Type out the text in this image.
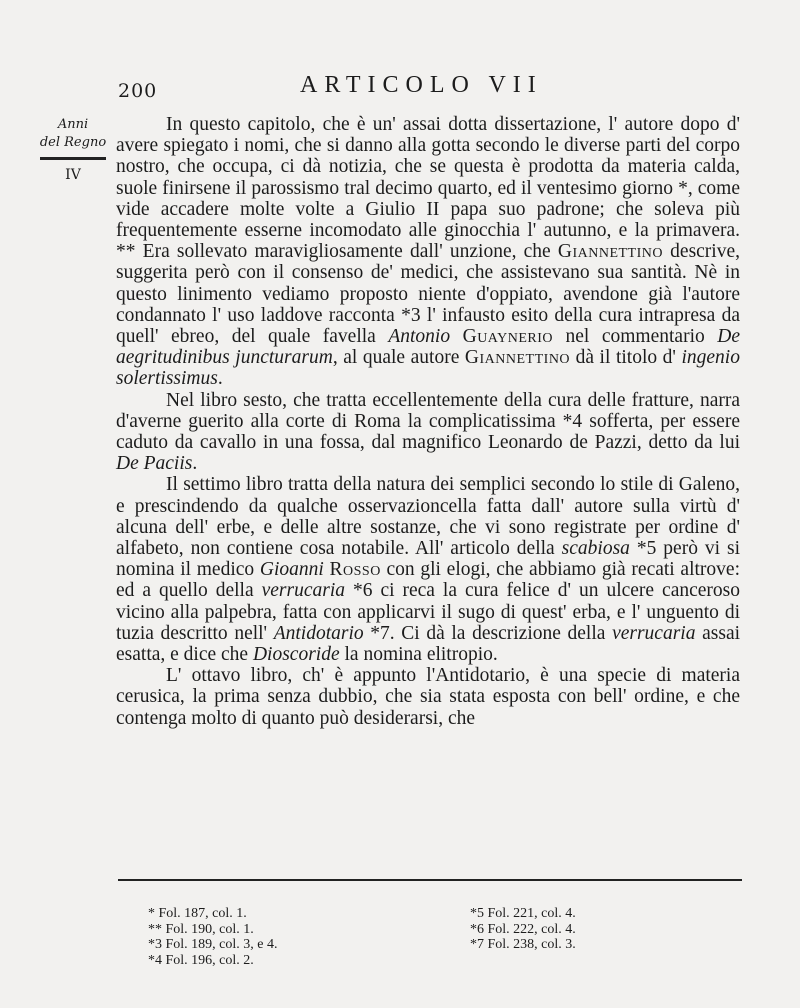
200	ARTICOLO VII
Anni
del Regno
IV

In questo capitolo, che è un' assai dotta dissertazione, l' autore dopo d' avere spiegato i nomi, che si danno alla gotta secondo le diverse parti del corpo nostro, che occupa, ci dà notizia, che se questa è prodotta da materia calda, suole finirsene il parossismo tral decimo quarto, ed il ventesimo giorno *, come vide accadere molte volte a Giulio II papa suo padrone; che soleva più frequentemente esserne incomodato alle ginocchia l' autunno, e la primavera. ** Era sollevato maravigliosamente dall' unzione, che Giannettino descrive, suggerita però con il consenso de' medici, che assistevano sua santità. Nè in questo linimento vediamo proposto niente d'oppiato, avendone già l'autore condannato l' uso laddove racconta *3 l' infausto esito della cura intrapresa da quell' ebreo, del quale favella Antonio Guaynerio nel commentario De aegritudinibus juncturarum, al quale autore Giannettino dà il titolo d' ingenio solertissimus.

Nel libro sesto, che tratta eccellentemente della cura delle fratture, narra d'averne guerito alla corte di Roma la complicatissima *4 sofferta, per essere caduto da cavallo in una fossa, dal magnifico Leonardo de Pazzi, detto da lui De Paciis.

Il settimo libro tratta della natura dei semplici secondo lo stile di Galeno, e prescindendo da qualche osservazioncella fatta dall' autore sulla virtù d' alcuna dell' erbe, e delle altre sostanze, che vi sono registrate per ordine d' alfabeto, non contiene cosa notabile. All' articolo della scabiosa *5 però vi si nomina il medico Gioanni Rosso con gli elogi, che abbiamo già recati altrove: ed a quello della verrucaria *6 ci reca la cura felice d' un ulcere canceroso vicino alla palpebra, fatta con applicarvi il sugo di quest' erba, e l' unguento di tuzia descritto nell' Antidotario *7. Ci dà la descrizione della verrucaria assai esatta, e dice che Dioscoride la nomina elitropio.

L' ottavo libro, ch' è appunto l'Antidotario, è una specie di materia cerusica, la prima senza dubbio, che sia stata esposta con bell' ordine, e che contenga molto di quanto può desiderarsi, che

* Fol. 187, col. 1.
** Fol. 190, col. 1.
*3 Fol. 189, col. 3, e 4.
*4 Fol. 196, col. 2.
*5 Fol. 221, col. 4.
*6 Fol. 222, col. 4.
*7 Fol. 238, col. 3.
